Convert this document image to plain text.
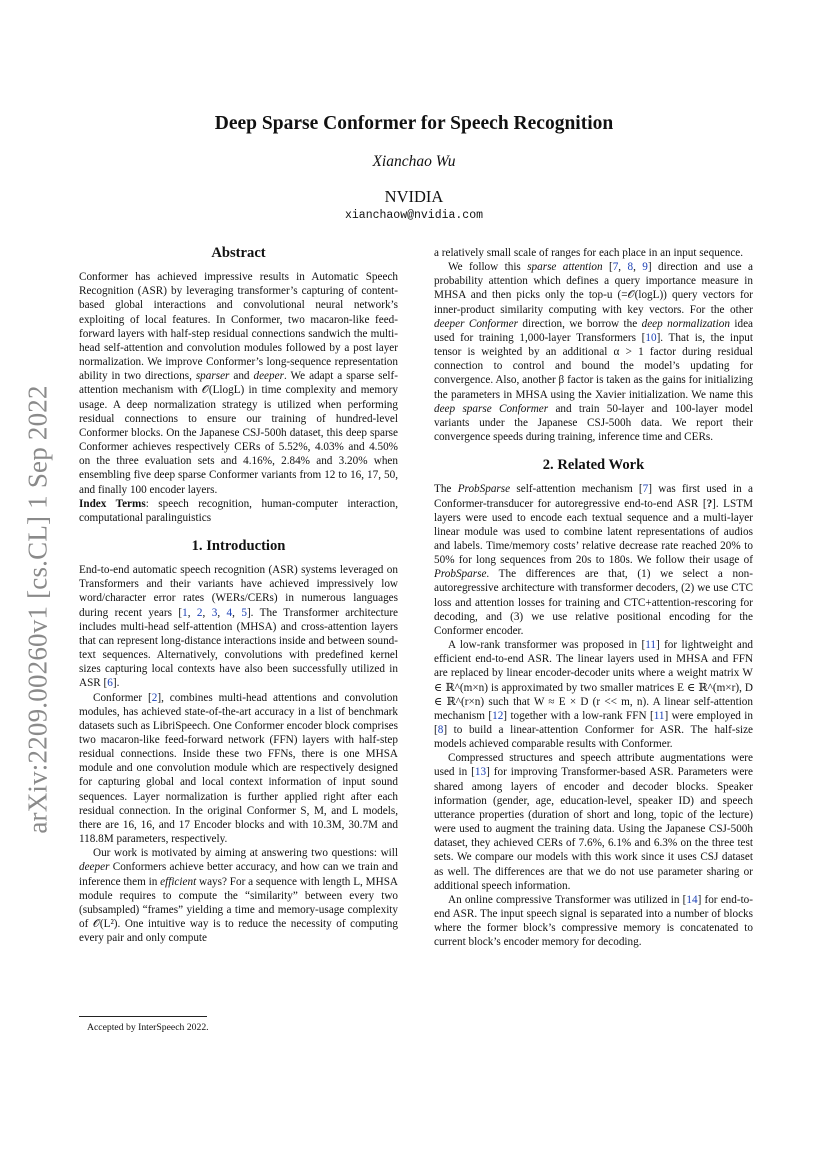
arXiv:2209.00260v1 [cs.CL] 1 Sep 2022
Deep Sparse Conformer for Speech Recognition
Xianchao Wu
NVIDIA
xianchaow@nvidia.com
Abstract

Conformer has achieved impressive results in Automatic Speech Recognition (ASR) by leveraging transformer’s capturing of content-based global interactions and convolutional neural network’s exploiting of local features. In Conformer, two macaron-like feed-forward layers with half-step residual connections sandwich the multi-head self-attention and convolution modules followed by a post layer normalization. We improve Conformer’s long-sequence representation ability in two directions, sparser and deeper. We adapt a sparse self-attention mechanism with 𝒪(LlogL) in time complexity and memory usage. A deep normalization strategy is utilized when performing residual connections to ensure our training of hundred-level Conformer blocks. On the Japanese CSJ-500h dataset, this deep sparse Conformer achieves respectively CERs of 5.52%, 4.03% and 4.50% on the three evaluation sets and 4.16%, 2.84% and 3.20% when ensembling five deep sparse Conformer variants from 12 to 16, 17, 50, and finally 100 encoder layers.

Index Terms: speech recognition, human-computer interaction, computational paralinguistics

1. Introduction

End-to-end automatic speech recognition (ASR) systems leveraged on Transformers and their variants have achieved impressively low word/character error rates (WERs/CERs) in numerous languages during recent years [1, 2, 3, 4, 5]. The Transformer architecture includes multi-head self-attention (MHSA) and cross-attention layers that can represent long-distance interactions inside and between sound-text sequences. Alternatively, convolutions with predefined kernel sizes capturing local contexts have also been successfully utilized in ASR [6].

Conformer [2], combines multi-head attentions and convolution modules, has achieved state-of-the-art accuracy in a list of benchmark datasets such as LibriSpeech. One Conformer encoder block comprises two macaron-like feed-forward network (FFN) layers with half-step residual connections. Inside these two FFNs, there is one MHSA module and one convolution module which are respectively designed for capturing global and local context information of input sound sequences. Layer normalization is further applied right after each residual connection. In the original Conformer S, M, and L models, there are 16, 16, and 17 Encoder blocks and with 10.3M, 30.7M and 118.8M parameters, respectively.

Our work is motivated by aiming at answering two questions: will deeper Conformers achieve better accuracy, and how can we train and inference them in efficient ways? For a sequence with length L, MHSA module requires to compute the “similarity” between every two (subsampled) “frames” yielding a time and memory-usage complexity of 𝒪(L²). One intuitive way is to reduce the necessity of computing every pair and only compute

a relatively small scale of ranges for each place in an input sequence.

We follow this sparse attention [7, 8, 9] direction and use a probability attention which defines a query importance measure in MHSA and then picks only the top-u (=𝒪(logL)) query vectors for inner-product similarity computing with key vectors. For the other deeper Conformer direction, we borrow the deep normalization idea used for training 1,000-layer Transformers [10]. That is, the input tensor is weighted by an additional α > 1 factor during residual connection to control and bound the model’s updating for convergence. Also, another β factor is taken as the gains for initializing the parameters in MHSA using the Xavier initialization. We name this deep sparse Conformer and train 50-layer and 100-layer model variants under the Japanese CSJ-500h data. We report their convergence speeds during training, inference time and CERs.

2. Related Work

The ProbSparse self-attention mechanism [7] was first used in a Conformer-transducer for autoregressive end-to-end ASR [?]. LSTM layers were used to encode each textual sequence and a multi-layer linear module was used to combine latent representations of audios and labels. Time/memory costs’ relative decrease rate reached 20% to 50% for long sequences from 20s to 180s. We follow their usage of ProbSparse. The differences are that, (1) we select a non-autoregressive architecture with transformer decoders, (2) we use CTC loss and attention losses for training and CTC+attention-rescoring for decoding, and (3) we use relative positional encoding for the Conformer encoder.

A low-rank transformer was proposed in [11] for lightweight and efficient end-to-end ASR. The linear layers used in MHSA and FFN are replaced by linear encoder-decoder units where a weight matrix W ∈ ℝ^(m×n) is approximated by two smaller matrices E ∈ ℝ^(m×r), D ∈ ℝ^(r×n) such that W ≈ E × D (r << m, n). A linear self-attention mechanism [12] together with a low-rank FFN [11] were employed in [8] to build a linear-attention Conformer for ASR. The half-size models achieved comparable results with Conformer.

Compressed structures and speech attribute augmentations were used in [13] for improving Transformer-based ASR. Parameters were shared among layers of encoder and decoder blocks. Speaker information (gender, age, education-level, speaker ID) and speech utterance properties (duration of short and long, topic of the lecture) were used to augment the training data. Using the Japanese CSJ-500h dataset, they achieved CERs of 7.6%, 6.1% and 6.3% on the three test sets. We compare our models with this work since it uses CSJ dataset as well. The differences are that we do not use parameter sharing or additional speech information.

An online compressive Transformer was utilized in [14] for end-to-end ASR. The input speech signal is separated into a number of blocks where the former block’s compressive memory is concatenated to current block’s encoder memory for decoding.

Accepted by InterSpeech 2022.
